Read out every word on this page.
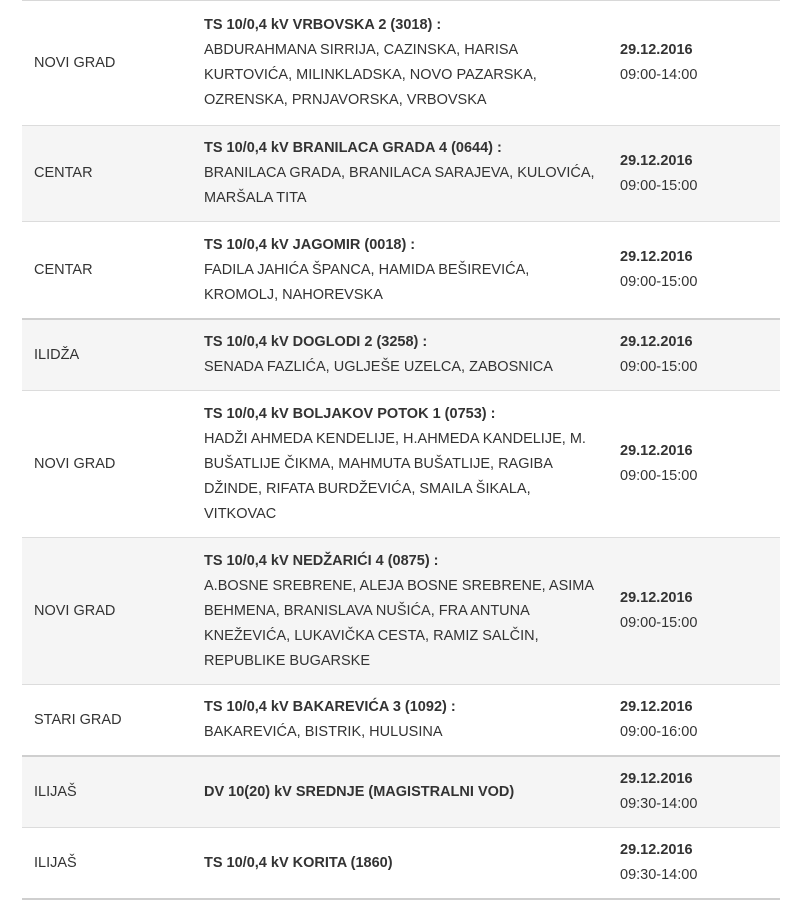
NOVI GRAD
TS 10/0,4 kV VRBOVSKA 2 (3018) :
ABDURAHMANA SIRRIJA, CAZINSKA, HARISA KURTOVIĆA, MILINKLADSKA, NOVO PAZARSKA, OZRENSKA, PRNJAVORSKA, VRBOVSKA
29.12.2016
09:00-14:00
CENTAR
TS 10/0,4 kV BRANILACA GRADA 4 (0644) :
BRANILACA GRADA, BRANILACA SARAJEVA, KULOVIĆA, MARŠALA TITA
29.12.2016
09:00-15:00
CENTAR
TS 10/0,4 kV JAGOMIR (0018) :
FADILA JAHIĆA ŠPANCA, HAMIDA BEŠIREVIĆA, KROMOLJ, NAHOREVSKA
29.12.2016
09:00-15:00
ILIDŽA
TS 10/0,4 kV DOGLODI 2 (3258) :
SENADA FAZLIĆA, UGLJEŠE UZELCA, ZABOSNICA
29.12.2016
09:00-15:00
NOVI GRAD
TS 10/0,4 kV BOLJAKOV POTOK 1 (0753) :
HADŽI AHMEDA KENDELIJE, H.AHMEDA KANDELIJE, M. BUŠATLIJE ČIKMA, MAHMUTA BUŠATLIJE, RAGIBA DŽINDE, RIFATA BURDŽEVIĆA, SMAILA ŠIKALA, VITKOVAC
29.12.2016
09:00-15:00
NOVI GRAD
TS 10/0,4 kV NEDŽARIĆI 4 (0875) :
A.BOSNE SREBRENE, ALEJA BOSNE SREBRENE, ASIMA BEHMENA, BRANISLAVA NUŠIĆA, FRA ANTUNA KNEŽEVIĆA, LUKAVIČKA CESTA, RAMIZ SALČIN, REPUBLIKE BUGARSKE
29.12.2016
09:00-15:00
STARI GRAD
TS 10/0,4 kV BAKAREVIĆA 3 (1092) :
BAKAREVIĆA, BISTRIK, HULUSINA
29.12.2016
09:00-16:00
ILIJAŠ	DV 10(20) kV SREDNJE (MAGISTRALNI VOD)
29.12.2016
09:30-14:00
ILIJAŠ	TS 10/0,4 kV KORITA (1860)
29.12.2016
09:30-14:00
